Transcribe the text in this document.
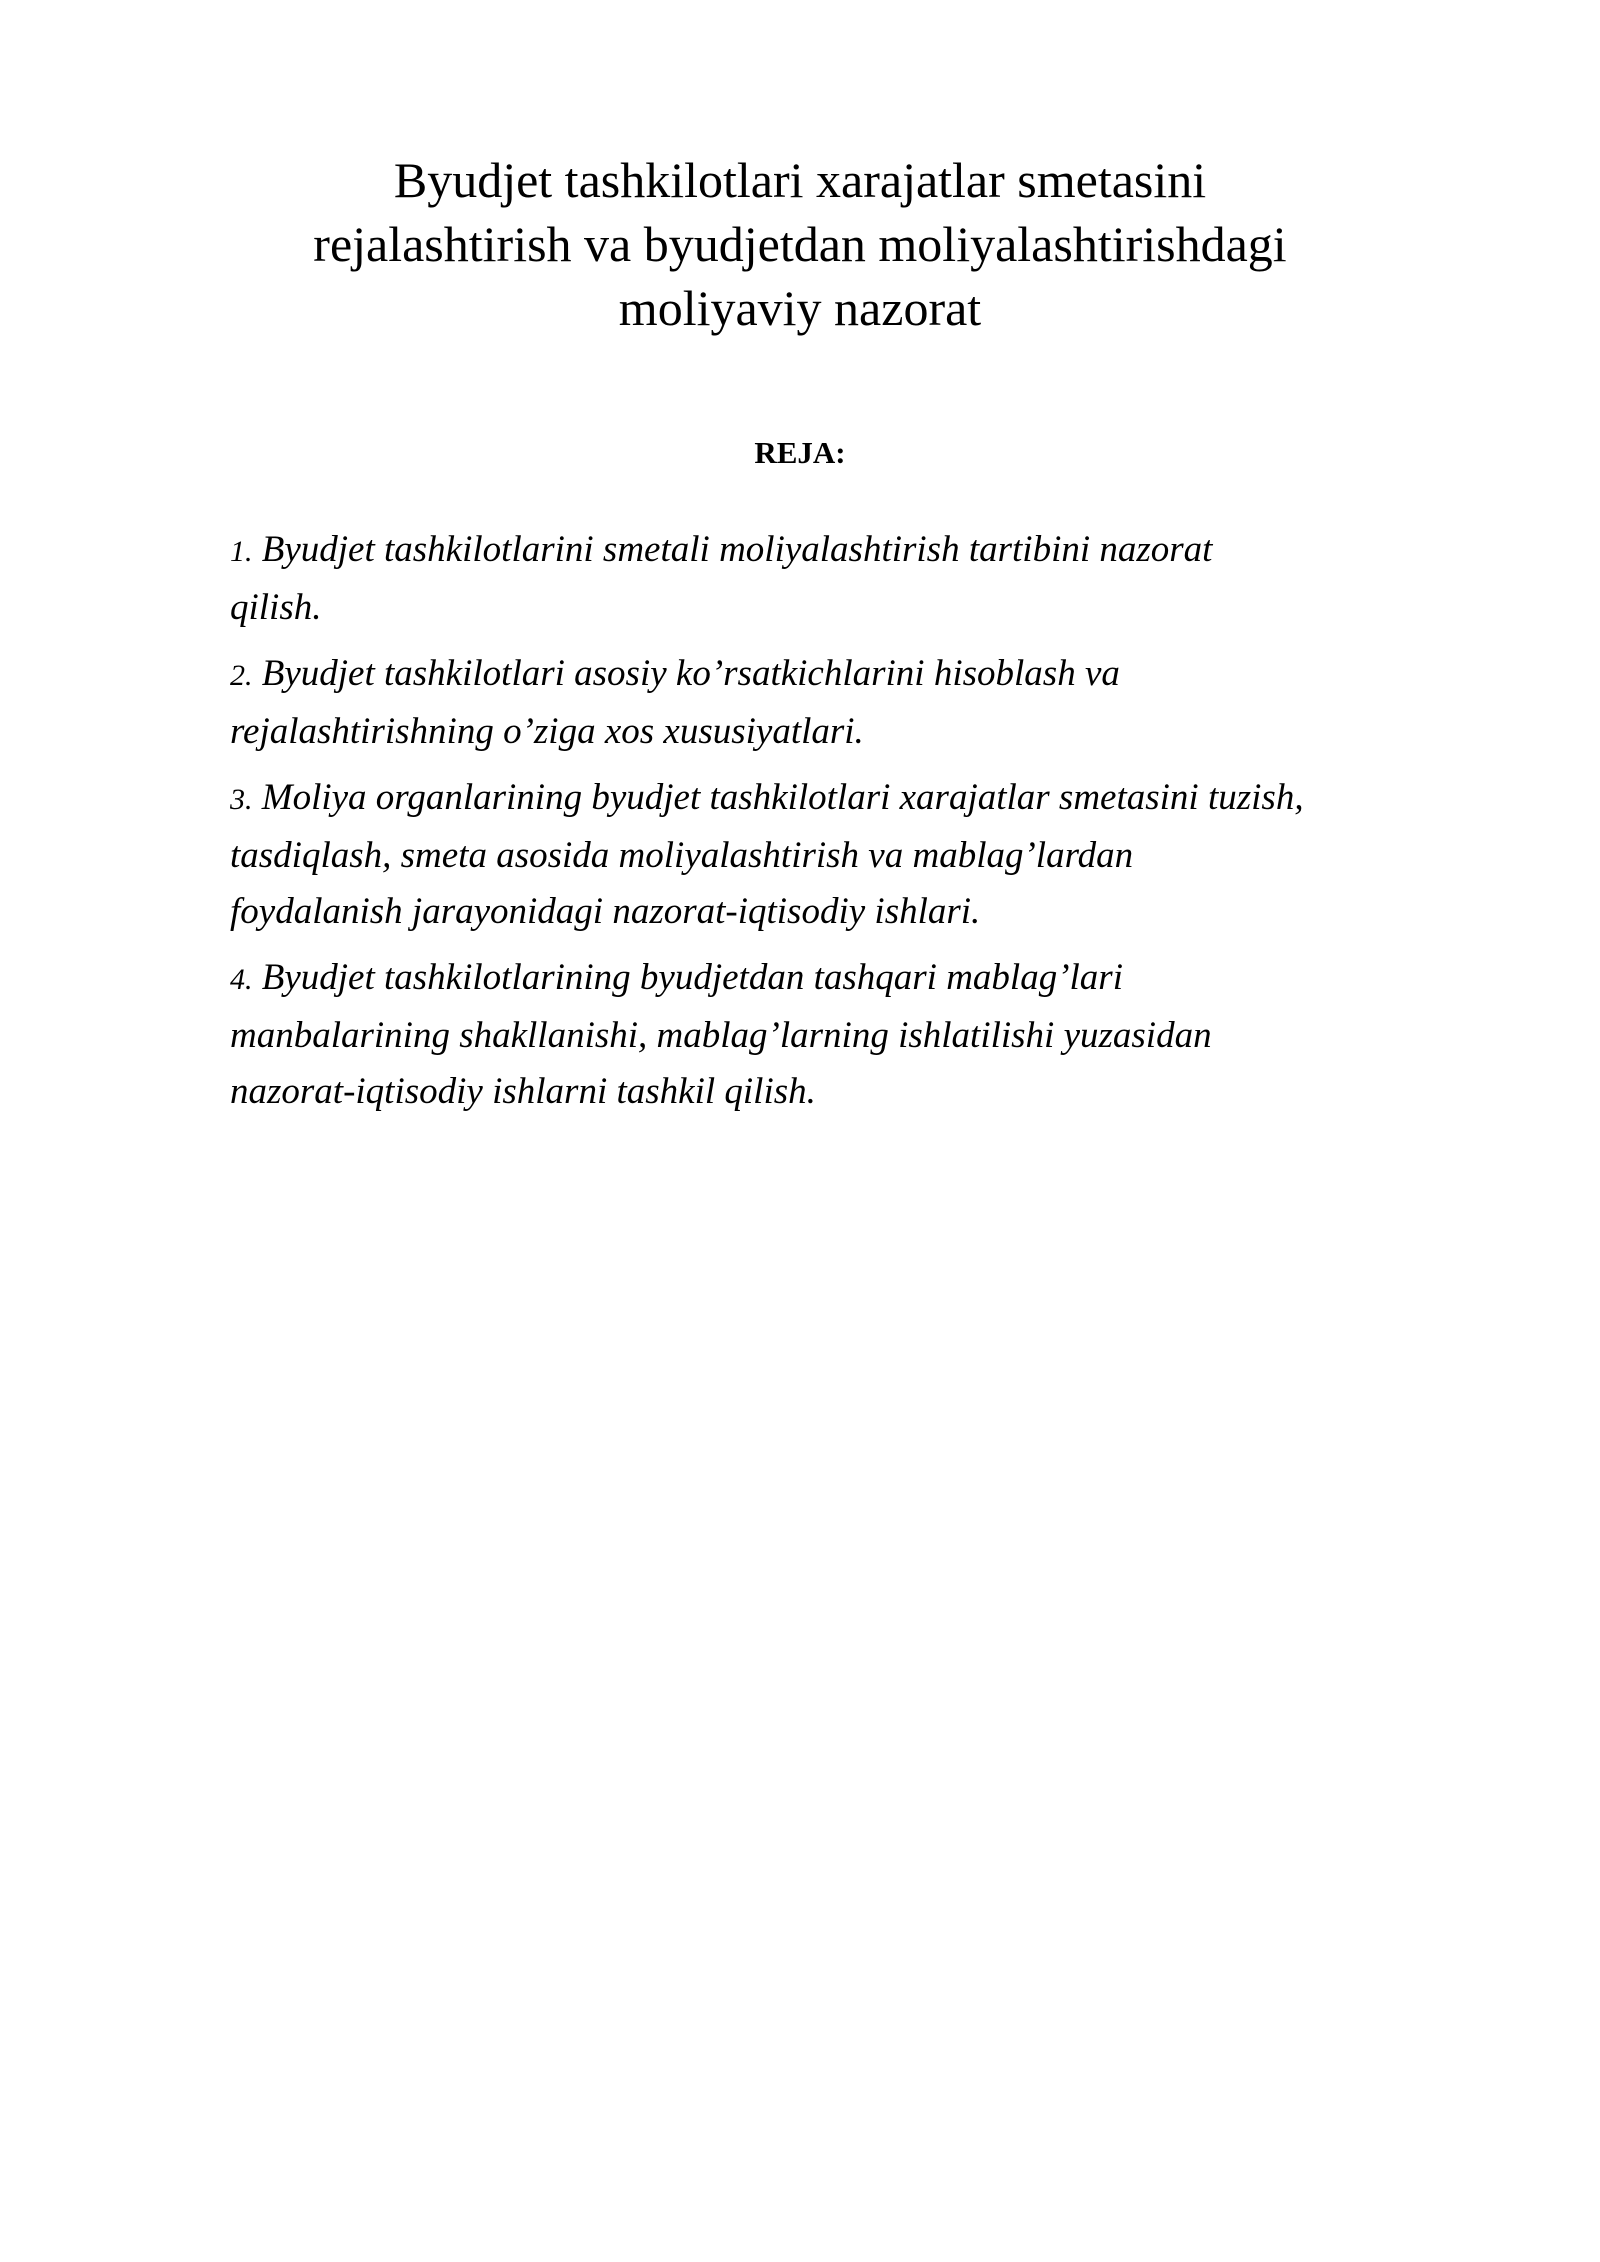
Byudjet tashkilotlari xarajatlar smetasini
rejalashtirish va byudjetdan moliyalashtirishdagi
moliyaviy nazorat
REJA:
1. Byudjet tashkilotlarini smetali moliyalashtirish tartibini nazorat
qilish.
2. Byudjet tashkilotlari asosiy ko’rsatkichlarini hisoblash va
rejalashtirishning o’ziga xos xususiyatlari.
3. Moliya organlarining byudjet tashkilotlari xarajatlar smetasini tuzish,
tasdiqlash, smeta asosida moliyalashtirish va mablag’lardan
foydalanish jarayonidagi nazorat-iqtisodiy ishlari.
4. Byudjet tashkilotlarining byudjetdan tashqari mablag’lari
manbalarining shakllanishi, mablag’larning ishlatilishi yuzasidan
nazorat-iqtisodiy ishlarni tashkil qilish.
